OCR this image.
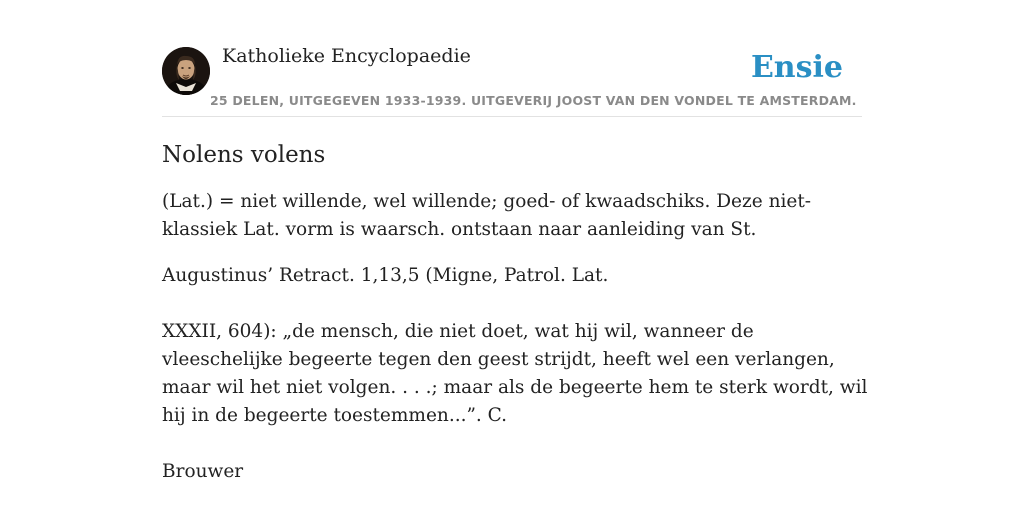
Katholieke Encyclopaedie
25 DELEN, UITGEGEVEN 1933-1939. UITGEVERIJ JOOST VAN DEN VONDEL TE AMSTERDAM.
Ensie
Nolens volens

(Lat.) = niet willende, wel willende; goed- of kwaadschiks. Deze niet-klassiek Lat. vorm is waarsch. ontstaan naar aanleiding van St.

Augustinus’ Retract. 1,13,5 (Migne, Patrol. Lat.

XXXII, 604): „de mensch, die niet doet, wat hij wil, wanneer de vleeschelijke begeerte tegen den geest strijdt, heeft wel een verlangen, maar wil het niet volgen. . . .; maar als de begeerte hem te sterk wordt, wil hij in de begeerte toestemmen...”. C.

Brouwer
